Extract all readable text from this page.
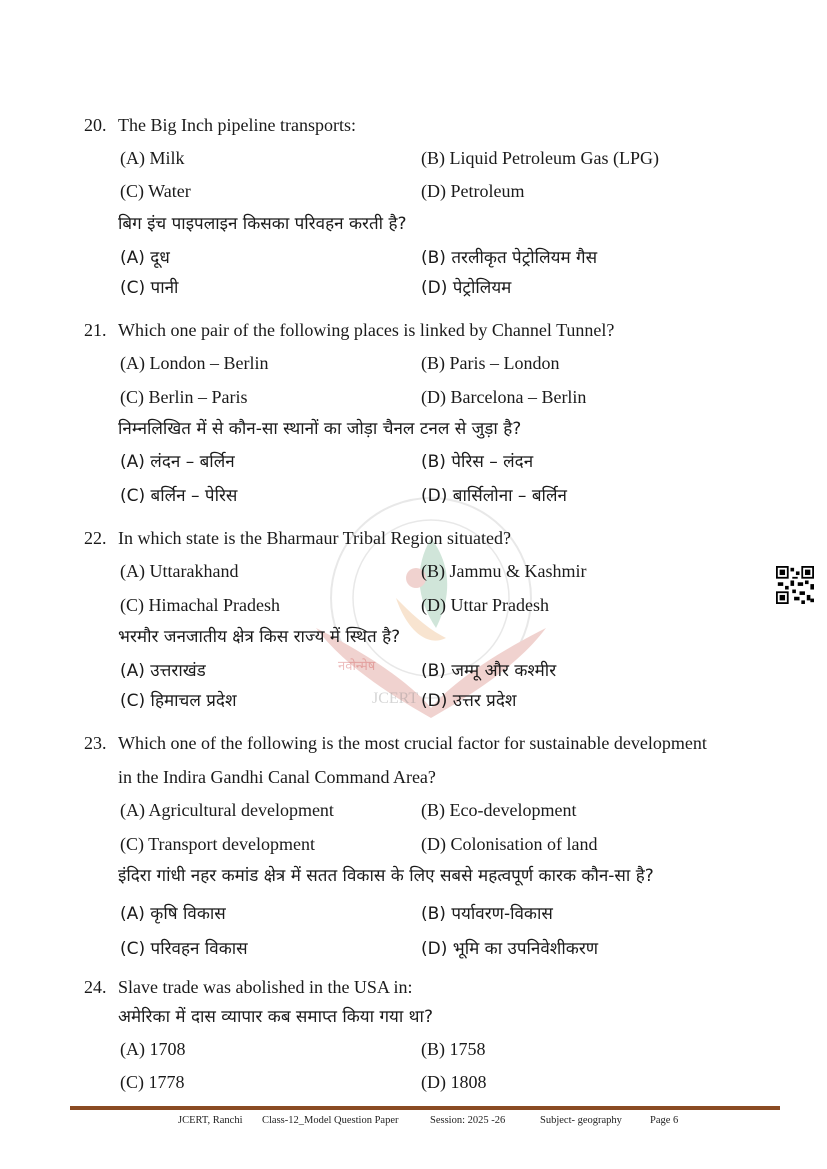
नवोन्मेष
JCERT
20. The Big Inch pipeline transports:
(A) Milk	(B) Liquid Petroleum Gas (LPG)
(C) Water	(D) Petroleum
बिग इंच पाइपलाइन किसका परिवहन करती है?
(A) दूध	(B) तरलीकृत पेट्रोलियम गैस
(C) पानी	(D) पेट्रोलियम
21. Which one pair of the following places is linked by Channel Tunnel?
(A) London – Berlin	(B) Paris – London
(C) Berlin – Paris	(D) Barcelona – Berlin
निम्नलिखित में से कौन-सा स्थानों का जोड़ा चैनल टनल से जुड़ा है?
(A) लंदन – बर्लिन	(B) पेरिस – लंदन
(C) बर्लिन – पेरिस	(D) बार्सिलोना – बर्लिन
22. In which state is the Bharmaur Tribal Region situated?
(A) Uttarakhand	(B) Jammu & Kashmir
(C) Himachal Pradesh	(D) Uttar Pradesh
भरमौर जनजातीय क्षेत्र किस राज्य में स्थित है?
(A) उत्तराखंड	(B) जम्मू और कश्मीर
(C) हिमाचल प्रदेश	(D) उत्तर प्रदेश
23. Which one of the following is the most crucial factor for sustainable development
in the Indira Gandhi Canal Command Area?
(A) Agricultural development	(B) Eco-development
(C) Transport development	(D) Colonisation of land
इंदिरा गांधी नहर कमांड क्षेत्र में सतत विकास के लिए सबसे महत्वपूर्ण कारक कौन-सा है?
(A) कृषि विकास	(B) पर्यावरण-विकास
(C) परिवहन विकास	(D) भूमि का उपनिवेशीकरण
24. Slave trade was abolished in the USA in:
अमेरिका में दास व्यापार कब समाप्त किया गया था?
(A) 1708	(B) 1758
(C) 1778	(D) 1808
JCERT, Ranchi Class-12_Model Question Paper	Session: 2025 -26	Subject- geography	Page 6
